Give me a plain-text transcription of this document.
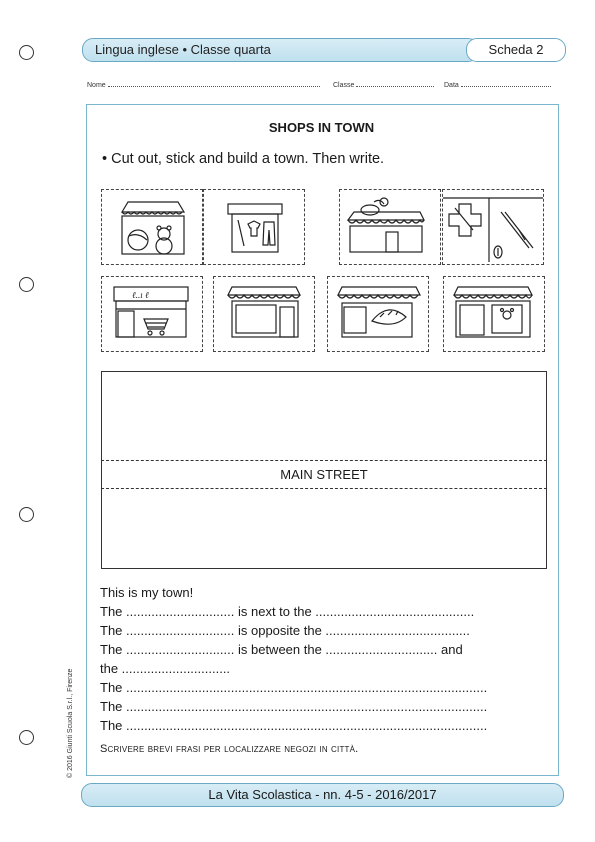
Lingua inglese • Classe quarta	Scheda 2
Nome	Classe	Data
SHOPS IN TOWN
• Cut out, stick and build a town. Then write.
ℓ..ı ℓ
MAIN STREET
This is my town!
The .............................. is next to the ............................................
The .............................. is opposite the ........................................
The .............................. is between the ............................... and
the ..............................
The ....................................................................................................
The ....................................................................................................
The ....................................................................................................
Scrivere brevi frasi per localizzare negozi in città.
La Vita Scolastica - nn. 4-5 - 2016/2017
© 2016 Giunti Scuola S.r.l., Firenze
